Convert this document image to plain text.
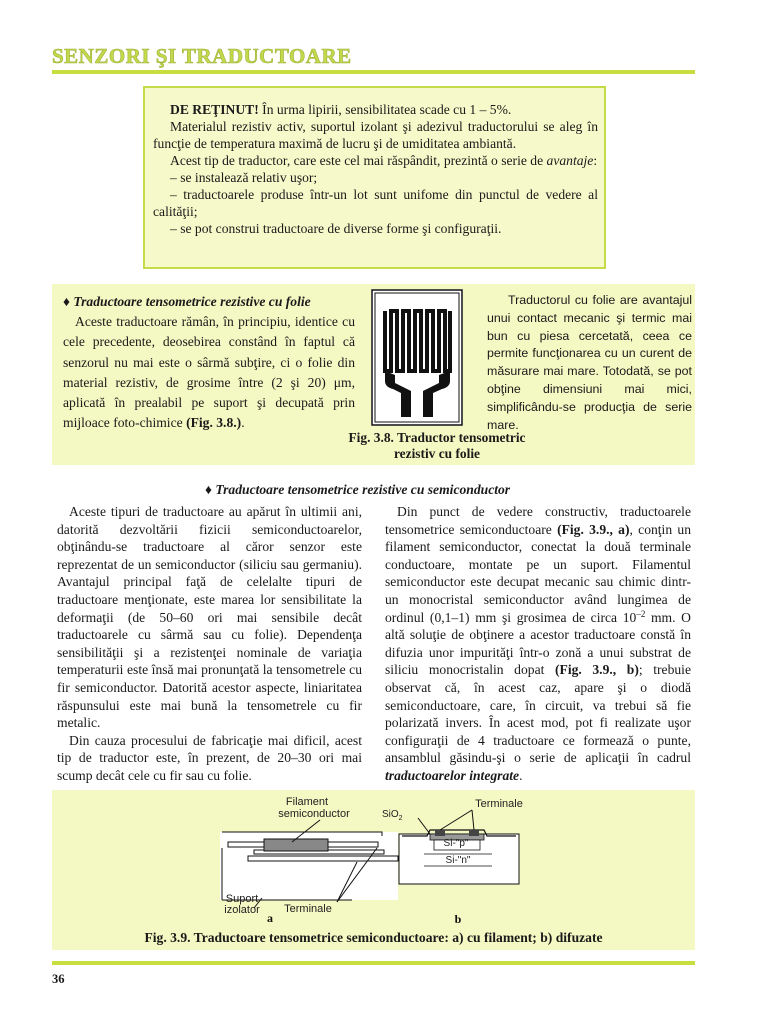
SENZORI ŞI TRADUCTOARE

DE REŢINUT! În urma lipirii, sensibilitatea scade cu 1 – 5%.

Materialul rezistiv activ, suportul izolant şi adezivul traductorului se aleg în funcţie de temperatura maximă de lucru şi de umiditatea ambiantă.

Acest tip de traductor, care este cel mai răspândit, prezintă o serie de avantaje:

– se instalează relativ uşor;

– traductoarele produse într-un lot sunt unifome din punctul de vedere al calităţii;

– se pot construi traductoare de diverse forme şi configuraţii.

♦ Traductoare tensometrice rezistive cu folie

Aceste traductoare rămân, în principiu, identice cu cele precedente, deosebirea constând în faptul că senzorul nu mai este o sârmă subţire, ci o folie din material rezistiv, de grosime între (2 şi 20) μm, aplicată în prealabil pe suport şi decupată prin mijloace foto-chimice (Fig. 3.8.).

Traductorul cu folie are avantajul unui contact mecanic şi termic mai bun cu piesa cercetată, ceea ce permite funcţionarea cu un curent de măsurare mai mare. Totodată, se pot obţine dimensiuni mai mici, simplificându-se producţia de serie mare.

Fig. 3.8. Traductor tensometric
rezistiv cu folie
♦ Traductoare tensometrice rezistive cu semiconductor

Aceste tipuri de traductoare au apărut în ultimii ani, datorită dezvoltării fizicii semiconductoarelor, obţinându-se traductoare al căror senzor este reprezentat de un semiconductor (siliciu sau germaniu). Avantajul principal faţă de celelalte tipuri de traductoare menţionate, este marea lor sensibilitate la deformaţii (de 50–60 ori mai sensibile decât traductoarele cu sârmă sau cu folie). Dependenţa sensibilităţii şi a rezistenţei nominale de variaţia temperaturii este însă mai pronunţată la tensometrele cu fir semiconductor. Datorită acestor aspecte, liniaritatea răspunsului este mai bună la tensometrele cu fir metalic.

Din cauza procesului de fabricaţie mai dificil, acest tip de traductor este, în prezent, de 20–30 ori mai scump decât cele cu fir sau cu folie.

Din punct de vedere constructiv, traductoarele tensometrice semiconductoare (Fig. 3.9., a), conţin un filament semiconductor, conectat la două terminale conductoare, montate pe un suport. Filamentul semiconductor este decupat mecanic sau chimic dintr-un monocristal semiconductor având lungimea de ordinul (0,1–1) mm şi grosimea de circa $10^{-2}$ mm. O altă soluţie de obţinere a acestor traductoare constă în difuzia unor impurităţi într-o zonă a unui substrat de siliciu monocristalin dopat (Fig. 3.9., b); trebuie observat că, în acest caz, apare şi o diodă semiconductoare, care, în circuit, va trebui să fie polarizată invers. În acest mod, pot fi realizate uşor configuraţii de 4 traductoare ce formează o punte, ansamblul găsindu-şi o serie de aplicaţii în cadrul traductoarelor integrate.

Filament
semiconductor
Suport
izolator Terminale
a
Terminale
SiO$_2$
Si-"p"
Si-"n"
b
Fig. 3.9. Traductoare tensometrice semiconductoare: a) cu filament; b) difuzate
36
